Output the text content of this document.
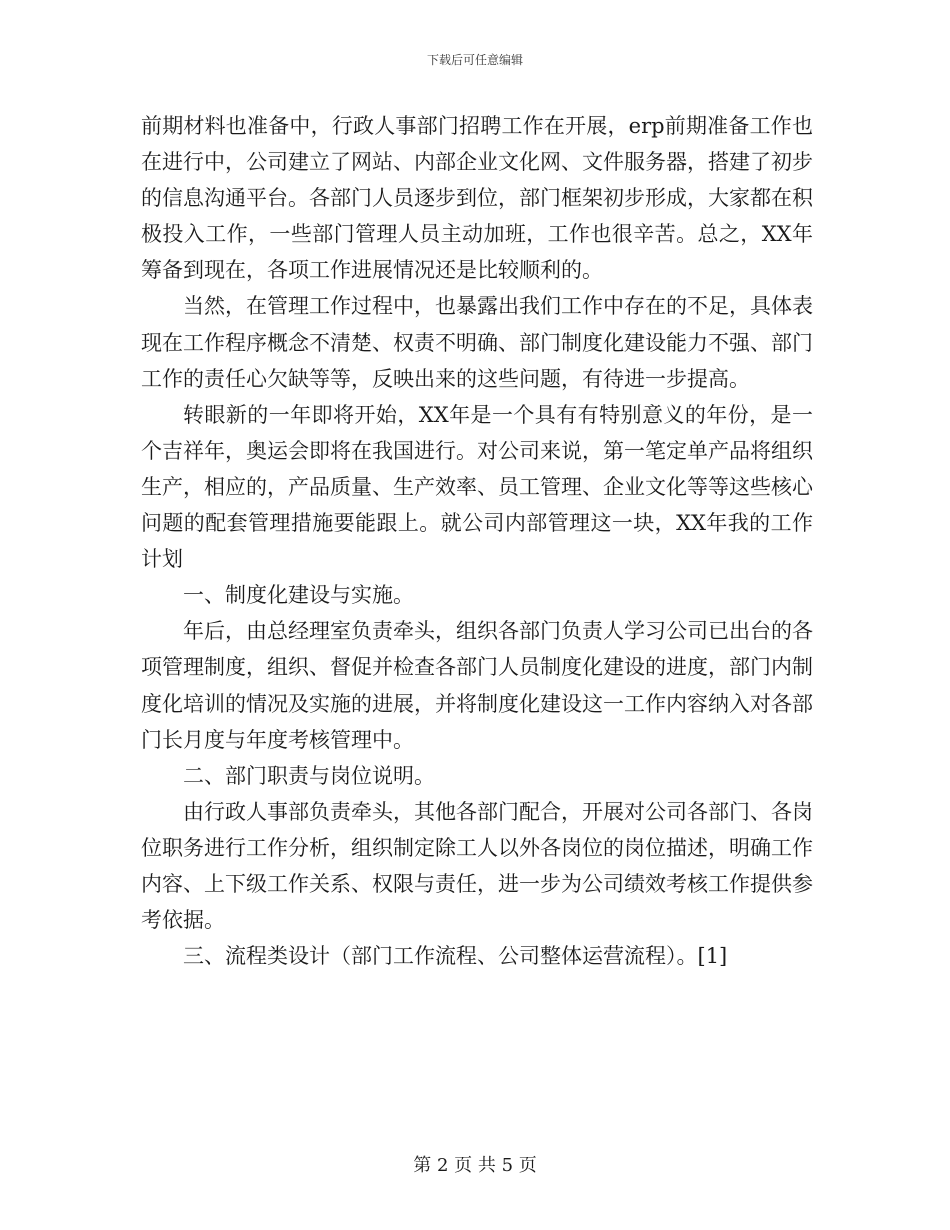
下载后可任意编辑

前期材料也准备中，行政人事部门招聘工作在开展，erp前期准备工作也在进行中，公司建立了网站、内部企业文化网、文件服务器，搭建了初步的信息沟通平台。各部门人员逐步到位，部门框架初步形成，大家都在积极投入工作，一些部门管理人员主动加班，工作也很辛苦。总之，XX年筹备到现在，各项工作进展情况还是比较顺利的。

当然，在管理工作过程中，也暴露出我们工作中存在的不足，具体表现在工作程序概念不清楚、权责不明确、部门制度化建设能力不强、部门工作的责任心欠缺等等，反映出来的这些问题，有待进一步提高。

转眼新的一年即将开始，XX年是一个具有有特别意义的年份，是一个吉祥年，奥运会即将在我国进行。对公司来说，第一笔定单产品将组织生产，相应的，产品质量、生产效率、员工管理、企业文化等等这些核心问题的配套管理措施要能跟上。就公司内部管理这一块，XX年我的工作计划

一、制度化建设与实施。

年后，由总经理室负责牵头，组织各部门负责人学习公司已出台的各项管理制度，组织、督促并检查各部门人员制度化建设的进度，部门内制度化培训的情况及实施的进展，并将制度化建设这一工作内容纳入对各部门长月度与年度考核管理中。

二、部门职责与岗位说明。

由行政人事部负责牵头，其他各部门配合，开展对公司各部门、各岗位职务进行工作分析，组织制定除工人以外各岗位的岗位描述，明确工作内容、上下级工作关系、权限与责任，进一步为公司绩效考核工作提供参考依据。

三、流程类设计（部门工作流程、公司整体运营流程）。[1]

第 2 页 共 5 页
